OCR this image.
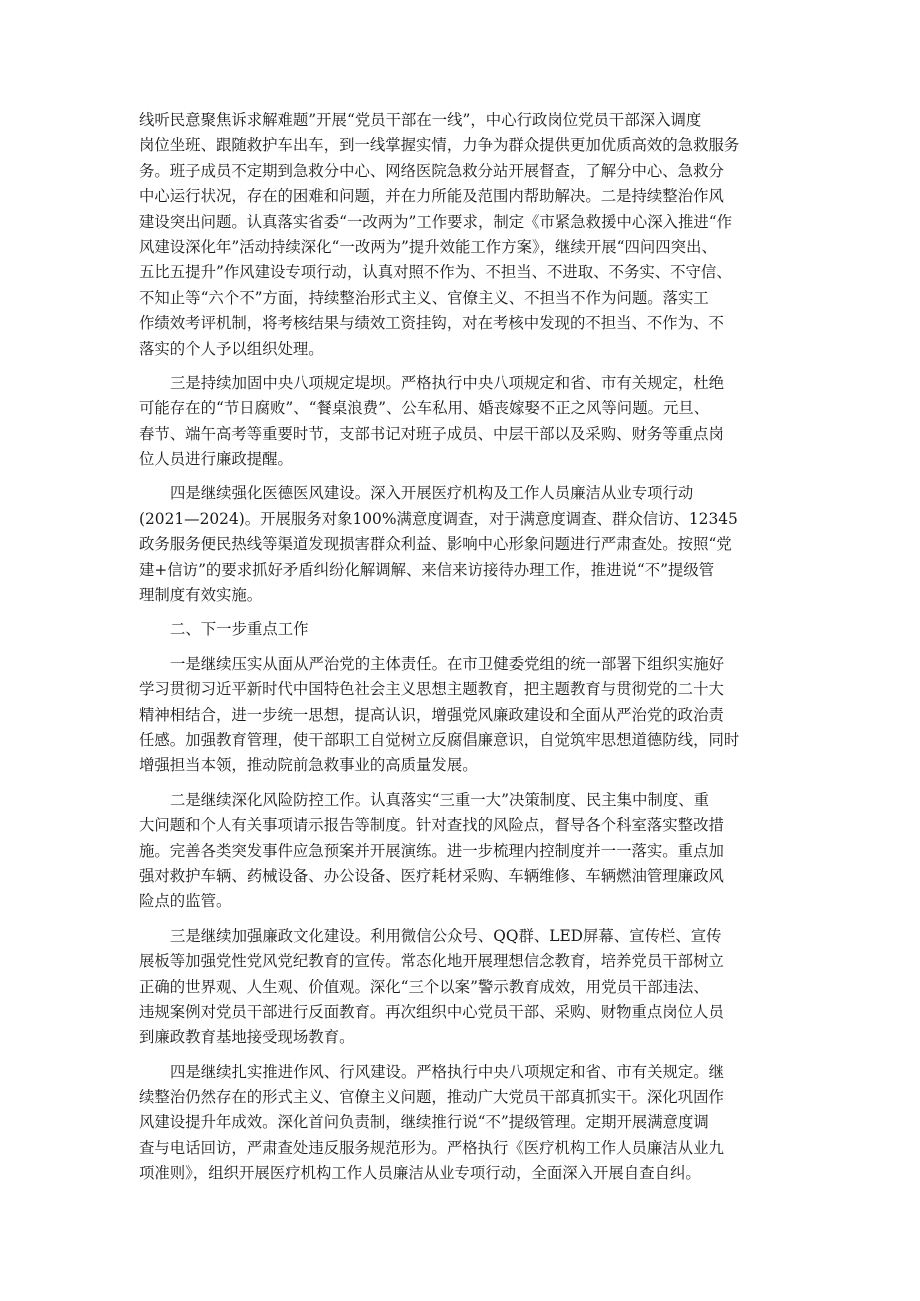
线听民意聚焦诉求解难题”开展“党员干部在一线”，中心行政岗位党员干部深入调度
岗位坐班、跟随救护车出车，到一线掌握实情，力争为群众提供更加优质高效的急救服务
务。班子成员不定期到急救分中心、网络医院急救分站开展督查，了解分中心、急救分
中心运行状况，存在的困难和问题，并在力所能及范围内帮助解决。二是持续整治作风
建设突出问题。认真落实省委“一改两为”工作要求，制定《市紧急救援中心深入推进“作
风建设深化年”活动持续深化“一改两为”提升效能工作方案》，继续开展“四问四突出、
五比五提升”作风建设专项行动，认真对照不作为、不担当、不进取、不务实、不守信、
不知止等“六个不”方面，持续整治形式主义、官僚主义、不担当不作为问题。落实工
作绩效考评机制，将考核结果与绩效工资挂钩，对在考核中发现的不担当、不作为、不
落实的个人予以组织处理。
三是持续加固中央八项规定堤坝。严格执行中央八项规定和省、市有关规定，杜绝
可能存在的“节日腐败”、“餐桌浪费”、公车私用、婚丧嫁娶不正之风等问题。元旦、
春节、端午高考等重要时节，支部书记对班子成员、中层干部以及采购、财务等重点岗
位人员进行廉政提醒。
四是继续强化医德医风建设。深入开展医疗机构及工作人员廉洁从业专项行动
(2021—2024)。开展服务对象100%满意度调查，对于满意度调查、群众信访、12345
政务服务便民热线等渠道发现损害群众利益、影响中心形象问题进行严肃查处。按照“党
建+信访”的要求抓好矛盾纠纷化解调解、来信来访接待办理工作，推进说“不”提级管
理制度有效实施。
二、下一步重点工作
一是继续压实从面从严治党的主体责任。在市卫健委党组的统一部署下组织实施好
学习贯彻习近平新时代中国特色社会主义思想主题教育，把主题教育与贯彻党的二十大
精神相结合，进一步统一思想，提高认识，增强党风廉政建设和全面从严治党的政治责
任感。加强教育管理，使干部职工自觉树立反腐倡廉意识，自觉筑牢思想道德防线，同时
增强担当本领，推动院前急救事业的高质量发展。
二是继续深化风险防控工作。认真落实“三重一大”决策制度、民主集中制度、重
大问题和个人有关事项请示报告等制度。针对查找的风险点，督导各个科室落实整改措
施。完善各类突发事件应急预案并开展演练。进一步梳理内控制度并一一落实。重点加
强对救护车辆、药械设备、办公设备、医疗耗材采购、车辆维修、车辆燃油管理廉政风
险点的监管。
三是继续加强廉政文化建设。利用微信公众号、QQ群、LED屏幕、宣传栏、宣传
展板等加强党性党风党纪教育的宣传。常态化地开展理想信念教育，培养党员干部树立
正确的世界观、人生观、价值观。深化“三个以案”警示教育成效，用党员干部违法、
违规案例对党员干部进行反面教育。再次组织中心党员干部、采购、财物重点岗位人员
到廉政教育基地接受现场教育。
四是继续扎实推进作风、行风建设。严格执行中央八项规定和省、市有关规定。继
续整治仍然存在的形式主义、官僚主义问题，推动广大党员干部真抓实干。深化巩固作
风建设提升年成效。深化首问负责制，继续推行说“不”提级管理。定期开展满意度调
查与电话回访，严肃查处违反服务规范形为。严格执行《医疗机构工作人员廉洁从业九
项准则》，组织开展医疗机构工作人员廉洁从业专项行动，全面深入开展自查自纠。
